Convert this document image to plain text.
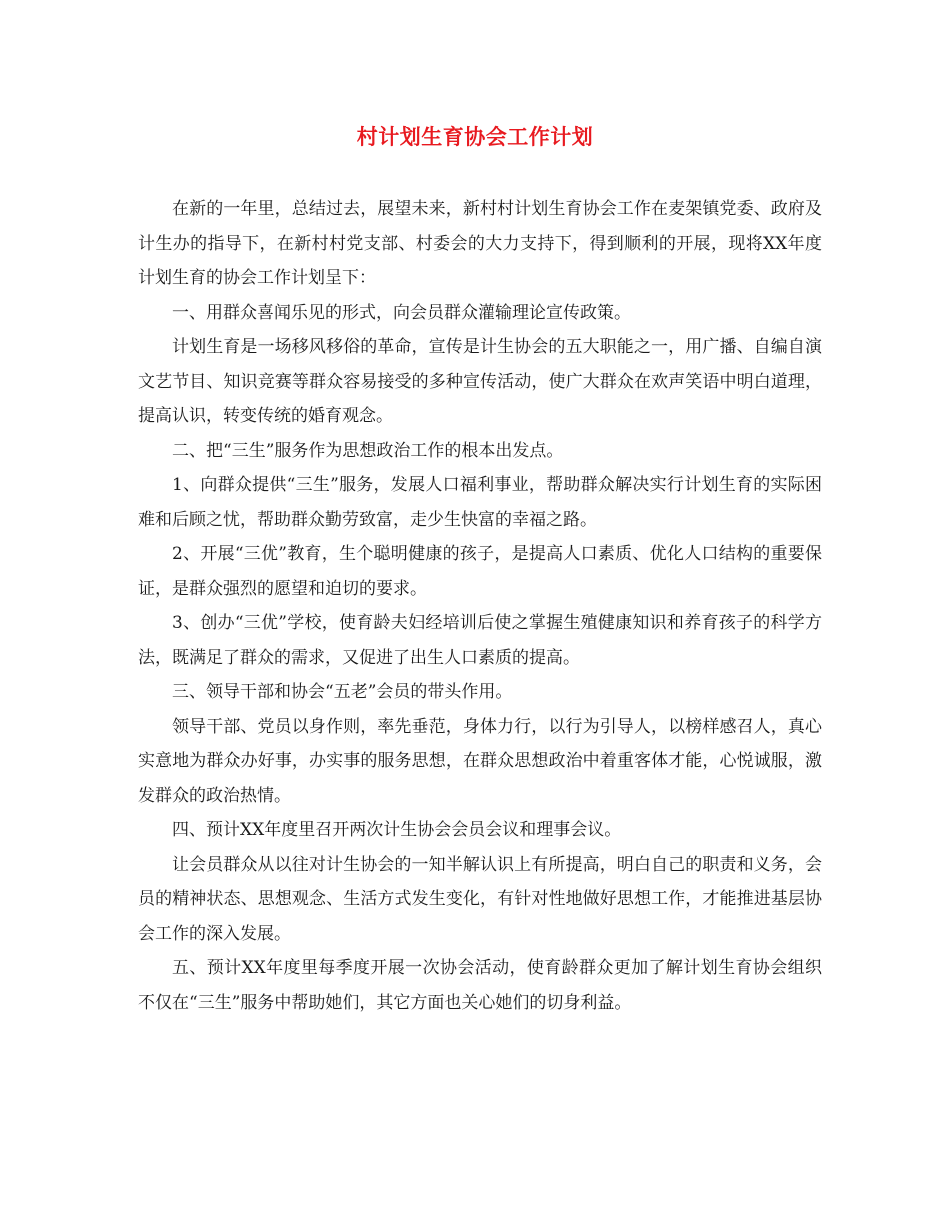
村计划生育协会工作计划

在新的一年里，总结过去，展望未来，新村村计划生育协会工作在麦架镇党委、政府及计生办的指导下，在新村村党支部、村委会的大力支持下，得到顺利的开展，现将XX年度计划生育的协会工作计划呈下：

一、用群众喜闻乐见的形式，向会员群众灌输理论宣传政策。

计划生育是一场移风移俗的革命，宣传是计生协会的五大职能之一，用广播、自编自演文艺节目、知识竞赛等群众容易接受的多种宣传活动，使广大群众在欢声笑语中明白道理，提高认识，转变传统的婚育观念。

二、把“三生”服务作为思想政治工作的根本出发点。

1、向群众提供“三生”服务，发展人口福利事业，帮助群众解决实行计划生育的实际困难和后顾之忧，帮助群众勤劳致富，走少生快富的幸福之路。

2、开展“三优”教育，生个聪明健康的孩子，是提高人口素质、优化人口结构的重要保证，是群众强烈的愿望和迫切的要求。

3、创办“三优”学校，使育龄夫妇经培训后使之掌握生殖健康知识和养育孩子的科学方法，既满足了群众的需求，又促进了出生人口素质的提高。

三、领导干部和协会“五老”会员的带头作用。

领导干部、党员以身作则，率先垂范，身体力行，以行为引导人，以榜样感召人，真心实意地为群众办好事，办实事的服务思想，在群众思想政治中着重客体才能，心悦诚服，激发群众的政治热情。

四、预计XX年度里召开两次计生协会会员会议和理事会议。

让会员群众从以往对计生协会的一知半解认识上有所提高，明白自己的职责和义务，会员的精神状态、思想观念、生活方式发生变化，有针对性地做好思想工作，才能推进基层协会工作的深入发展。

五、预计XX年度里每季度开展一次协会活动，使育龄群众更加了解计划生育协会组织不仅在“三生”服务中帮助她们，其它方面也关心她们的切身利益。
